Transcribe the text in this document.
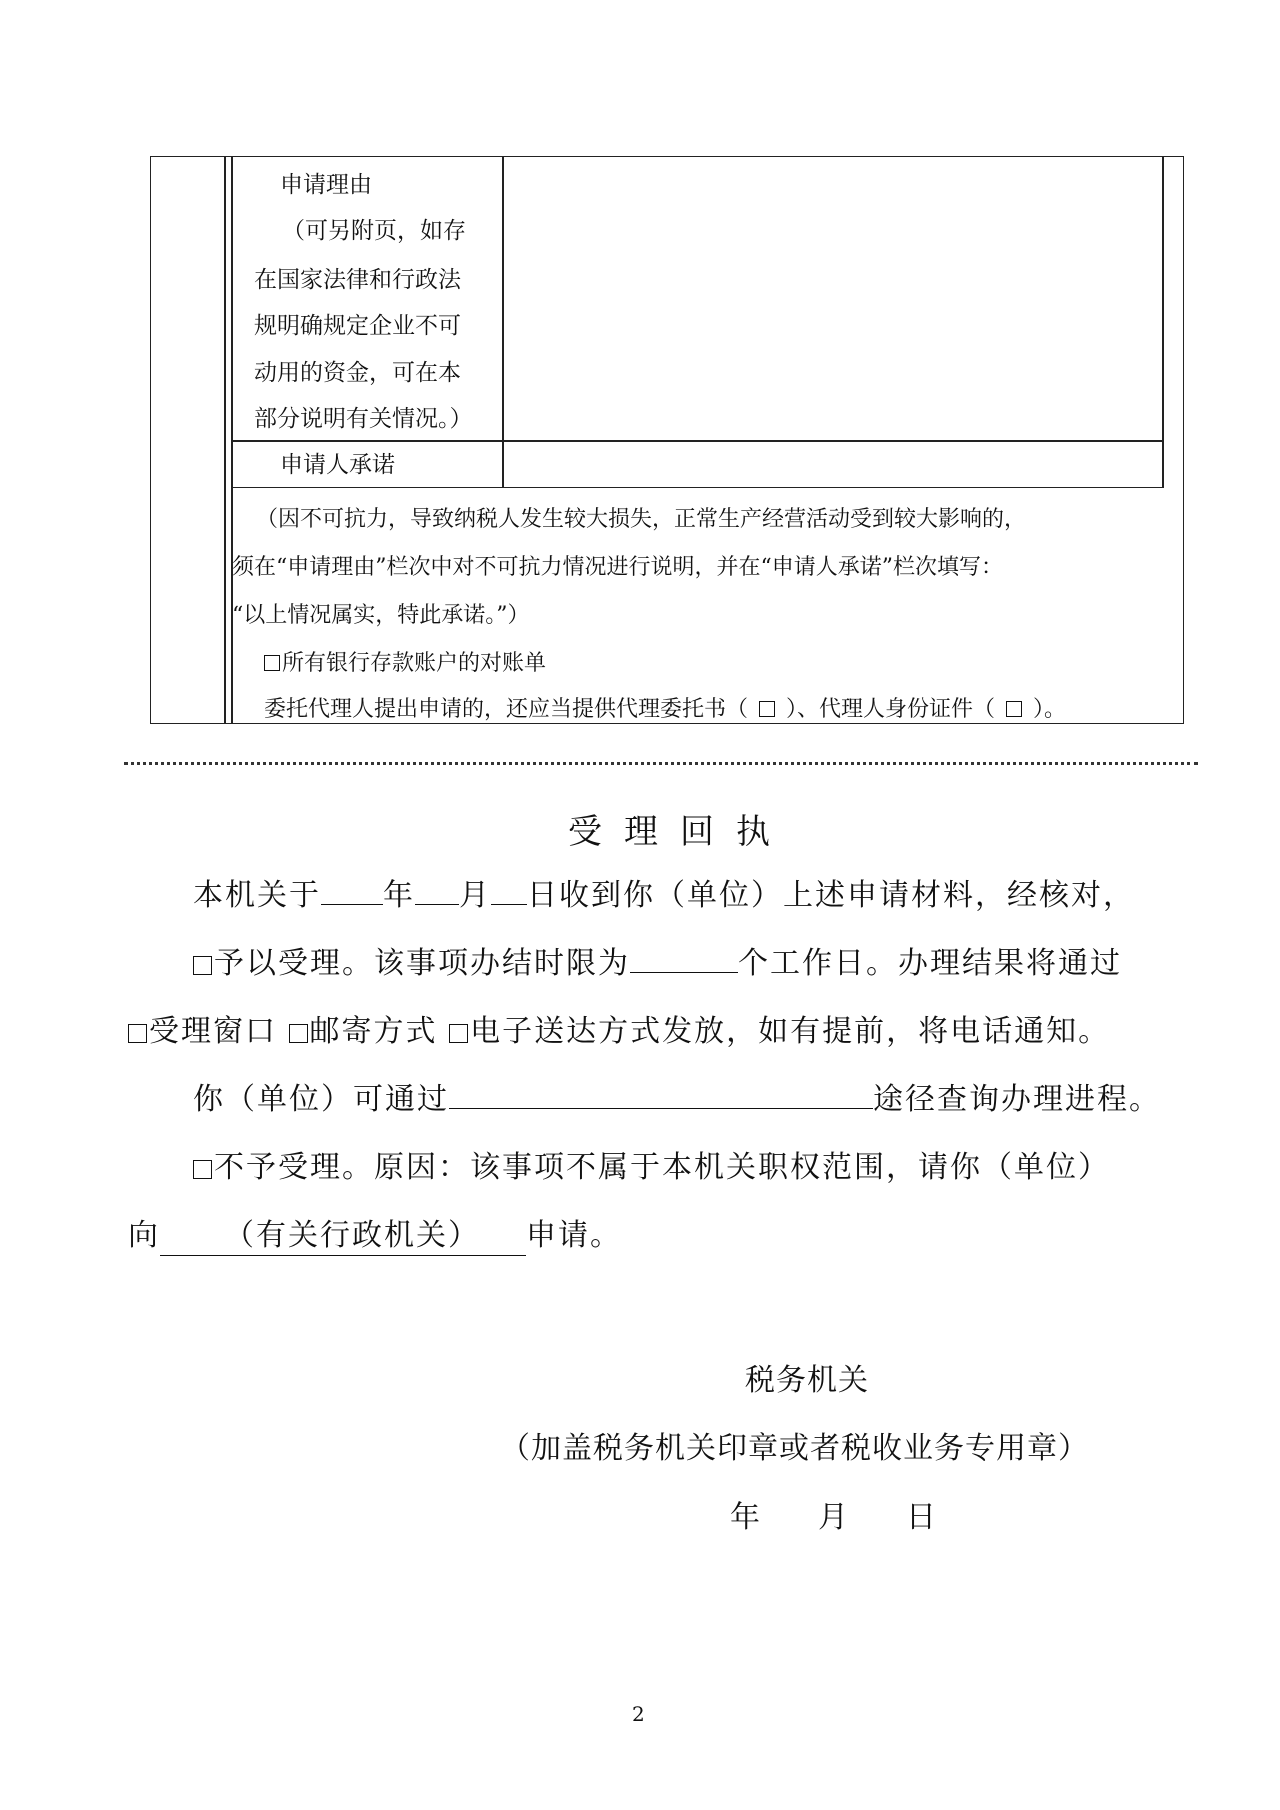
申请理由
（可另附页，如存
在国家法律和行政法
规明确规定企业不可
动用的资金，可在本
部分说明有关情况。）
申请人承诺
（因不可抗力，导致纳税人发生较大损失，正常生产经营活动受到较大影响的，
须在“申请理由”栏次中对不可抗力情况进行说明，并在“申请人承诺”栏次填写：
“以上情况属实，特此承诺。”）
所有银行存款账户的对账单
委托代理人提出申请的，还应当提供代理委托书（ ）、代理人身份证件（ ）。
受理回执
本机关于 年 月 日收到你（单位）上述申请材料，经核对，
予以受理。该事项办结时限为	个工作日。办理结果将通过
受理窗口 邮寄方式 电子送达方式发放，如有提前，将电话通知。
你（单位）可通过	途径查询办理进程。
不予受理。原因：该事项不属于本机关职权范围，请你（单位）
向 （有关行政机关） 申请。
税务机关
（加盖税务机关印章或者税收业务专用章）
年　月　日
2
